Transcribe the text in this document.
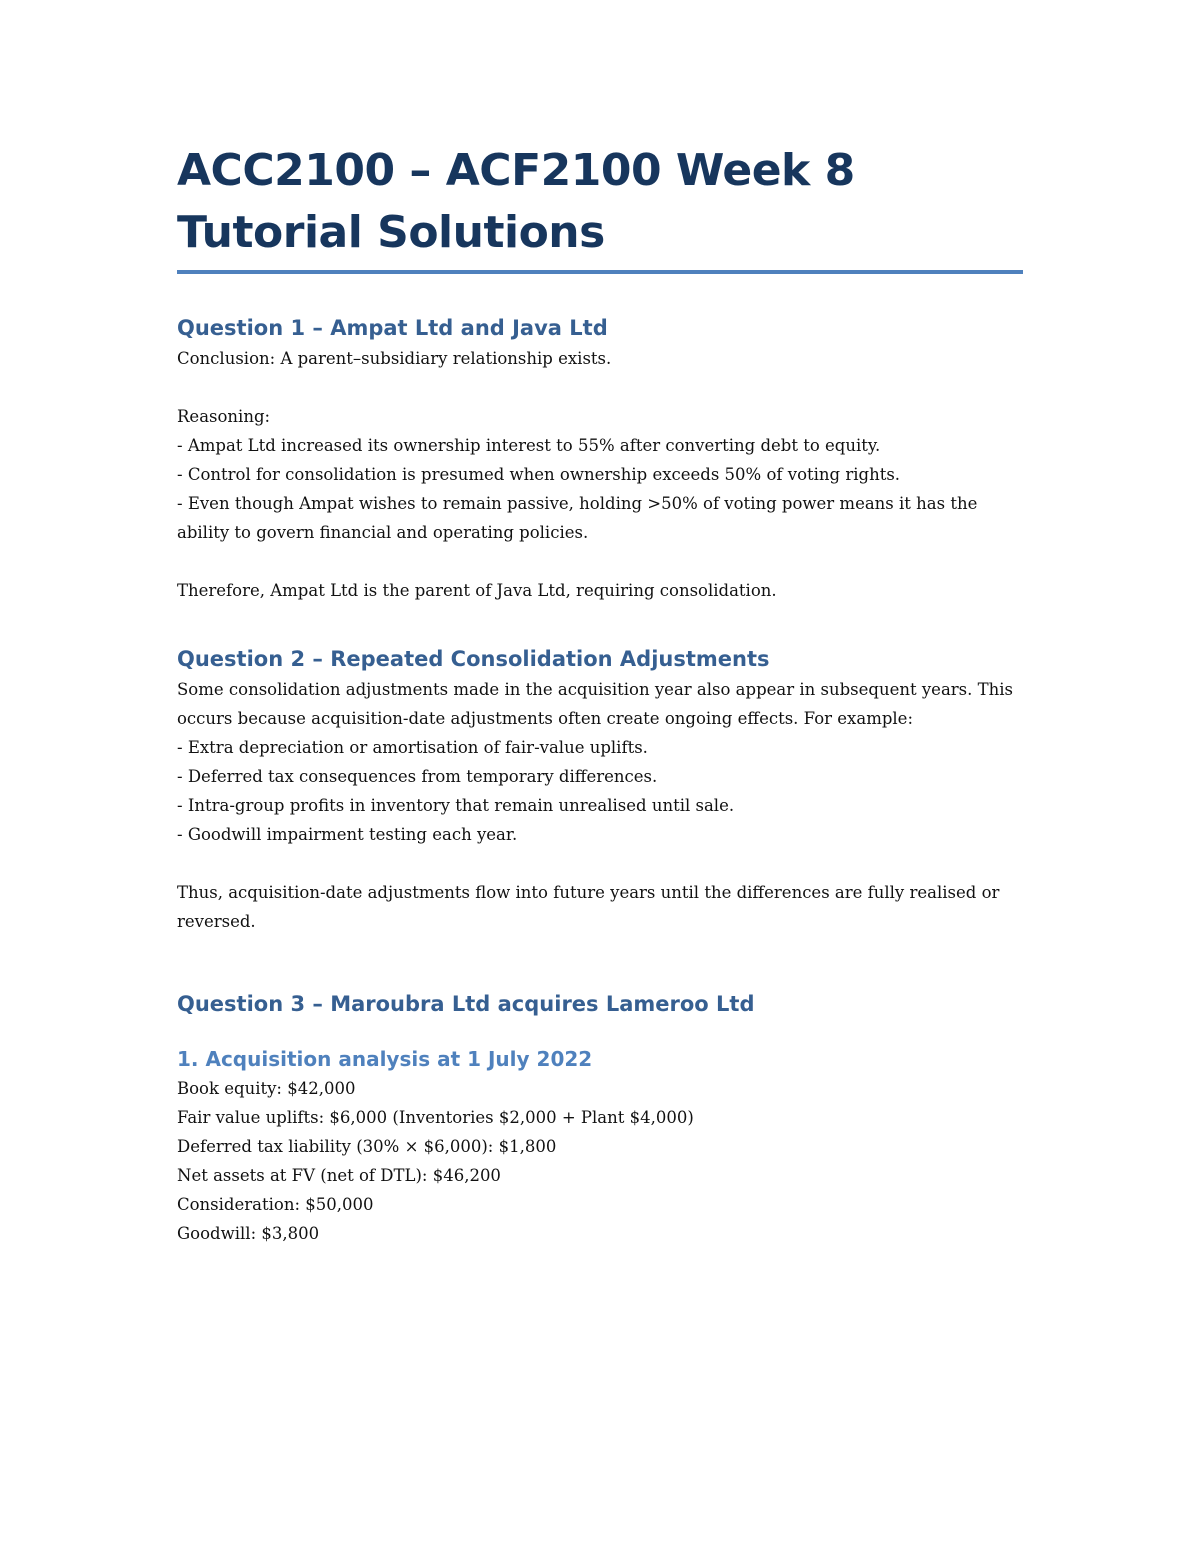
ACC2100 – ACF2100 Week 8 Tutorial Solutions
Question 1 – Ampat Ltd and Java Ltd

Conclusion: A parent–subsidiary relationship exists.

Reasoning:

- Ampat Ltd increased its ownership interest to 55% after converting debt to equity.

- Control for consolidation is presumed when ownership exceeds 50% of voting rights.

- Even though Ampat wishes to remain passive, holding >50% of voting power means it has the ability to govern financial and operating policies.

Therefore, Ampat Ltd is the parent of Java Ltd, requiring consolidation.

Question 2 – Repeated Consolidation Adjustments

Some consolidation adjustments made in the acquisition year also appear in subsequent years. This occurs because acquisition-date adjustments often create ongoing effects. For example:

- Extra depreciation or amortisation of fair-value uplifts.

- Deferred tax consequences from temporary differences.

- Intra-group profits in inventory that remain unrealised until sale.

- Goodwill impairment testing each year.

Thus, acquisition-date adjustments flow into future years until the differences are fully realised or reversed.

Question 3 – Maroubra Ltd acquires Lameroo Ltd
1. Acquisition analysis at 1 July 2022

Book equity: $42,000

Fair value uplifts: $6,000 (Inventories $2,000 + Plant $4,000)

Deferred tax liability (30% × $6,000): $1,800

Net assets at FV (net of DTL): $46,200

Consideration: $50,000

Goodwill: $3,800
